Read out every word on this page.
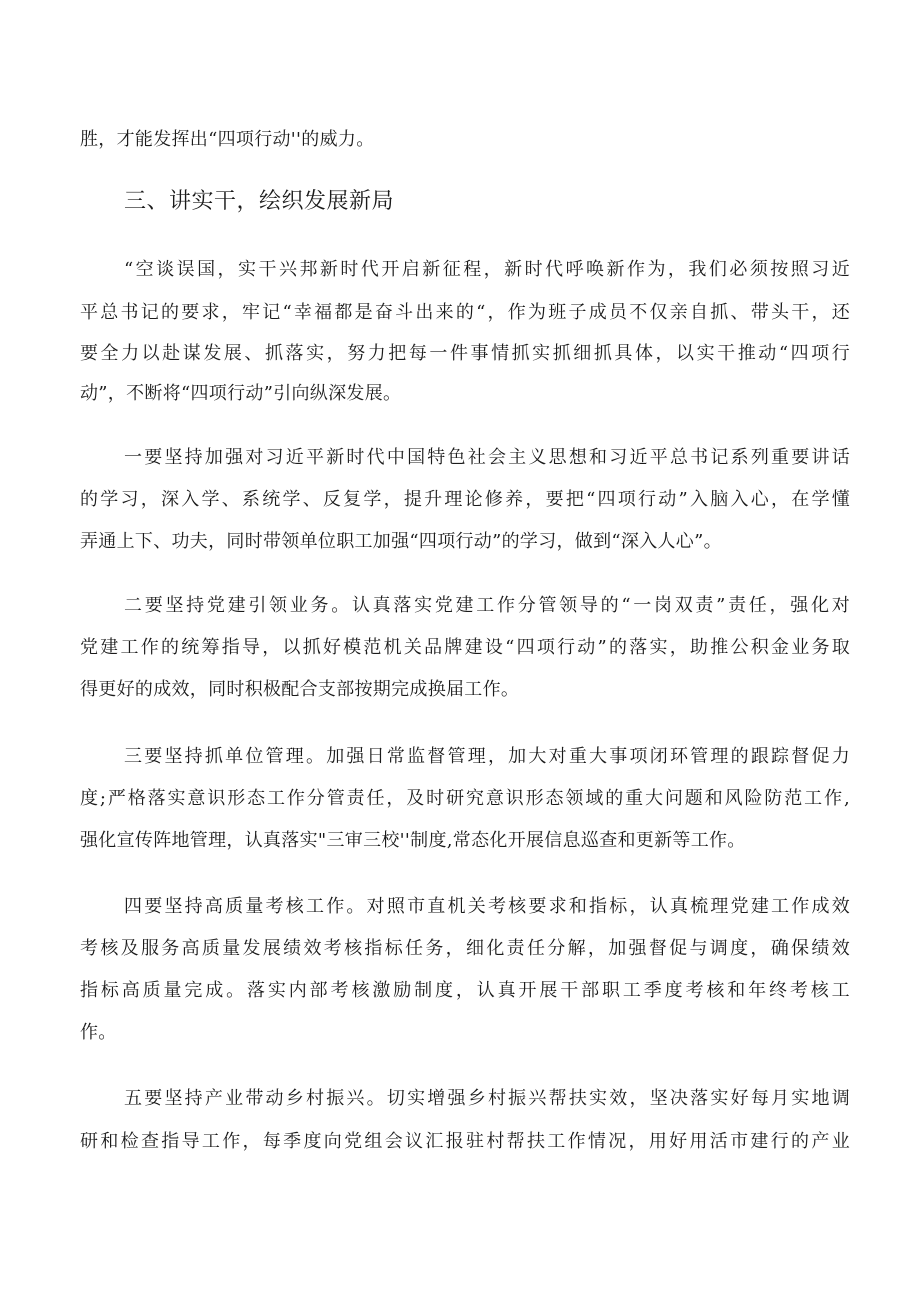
胜，才能发挥出“四项行动''的威力。
三、讲实干，绘织发展新局
“空谈误国，实干兴邦新时代开启新征程，新时代呼唤新作为，我们必须按照习近
平总书记的要求，牢记“幸福都是奋斗出来的“，作为班子成员不仅亲自抓、带头干，还
要全力以赴谋发展、抓落实，努力把每一件事情抓实抓细抓具体，以实干推动“四项行
动”，不断将“四项行动”引向纵深发展。
一要坚持加强对习近平新时代中国特色社会主义思想和习近平总书记系列重要讲话
的学习，深入学、系统学、反复学，提升理论修养，要把“四项行动”入脑入心，在学懂
弄通上下、功夫，同时带领单位职工加强“四项行动”的学习，做到“深入人心”。
二要坚持党建引领业务。认真落实党建工作分管领导的“一岗双责”责任，强化对
党建工作的统筹指导，以抓好模范机关品牌建设“四项行动”的落实，助推公积金业务取
得更好的成效，同时积极配合支部按期完成换届工作。
三要坚持抓单位管理。加强日常监督管理，加大对重大事项闭环管理的跟踪督促力
度;严格落实意识形态工作分管责任，及时研究意识形态领域的重大问题和风险防范工作,
强化宣传阵地管理，认真落实"三审三校''制度,常态化开展信息巡查和更新等工作。
四要坚持高质量考核工作。对照市直机关考核要求和指标，认真梳理党建工作成效
考核及服务高质量发展绩效考核指标任务，细化责任分解，加强督促与调度，确保绩效
指标高质量完成。落实内部考核激励制度，认真开展干部职工季度考核和年终考核工
作。
五要坚持产业带动乡村振兴。切实增强乡村振兴帮扶实效，坚决落实好每月实地调
研和检查指导工作，每季度向党组会议汇报驻村帮扶工作情况，用好用活市建行的产业
